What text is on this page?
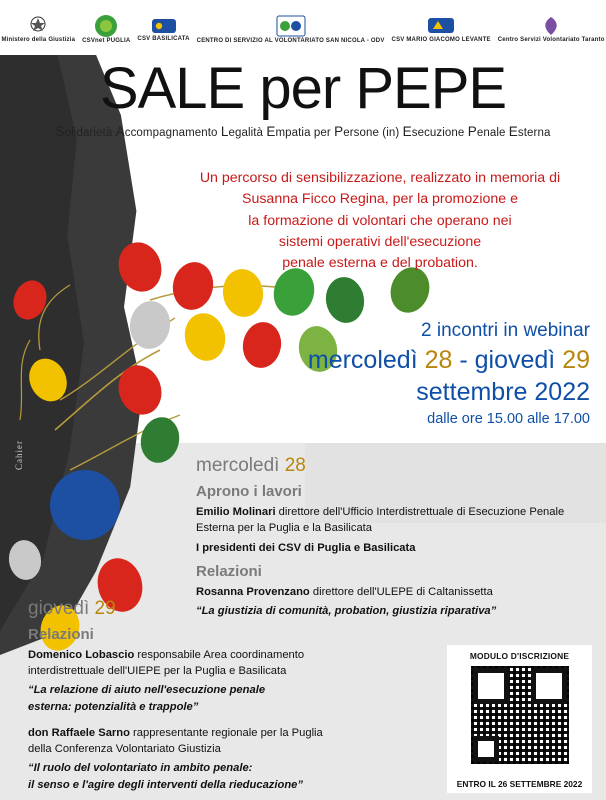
Cahier
Ministero della Giustizia CSVnet PUGLIA CSV BASILICATA CENTRO DI SERVIZIO AL VOLONTARIATO SAN NICOLA - ODV CSV MARIO GIACOMO LEVANTE Centro Servizi Volontariato Taranto
SALE per PEPE
Solidarietà Accompagnamento Legalità Empatia per Persone (in) Esecuzione Penale Esterna
Un percorso di sensibilizzazione, realizzato in memoria di
Susanna Ficco Regina, per la promozione e
la formazione di volontari che operano nei
sistemi operativi dell'esecuzione
penale esterna e del probation.
2 incontri in webinar
mercoledì 28 - giovedì 29
settembre 2022
dalle ore 15.00 alle 17.00
mercoledì 28
Aprono i lavori
Emilio Molinari direttore dell'Ufficio Interdistrettuale di Esecuzione Penale
Esterna per la Puglia e la Basilicata
I presidenti dei CSV di Puglia e Basilicata
Relazioni
Rosanna Provenzano direttore dell'ULEPE di Caltanissetta
“La giustizia di comunità, probation, giustizia riparativa”
giovedì 29
Relazioni
Domenico Lobascio responsabile Area coordinamento
interdistrettuale dell'UIEPE per la Puglia e Basilicata
“La relazione di aiuto nell'esecuzione penale
esterna: potenzialità e trappole”
don Raffaele Sarno rappresentante regionale per la Puglia
della Conferenza Volontariato Giustizia
“Il ruolo del volontariato in ambito penale:
il senso e l'agire degli interventi della rieducazione”
MODULO D'ISCRIZIONE
ENTRO IL 26 SETTEMBRE 2022
